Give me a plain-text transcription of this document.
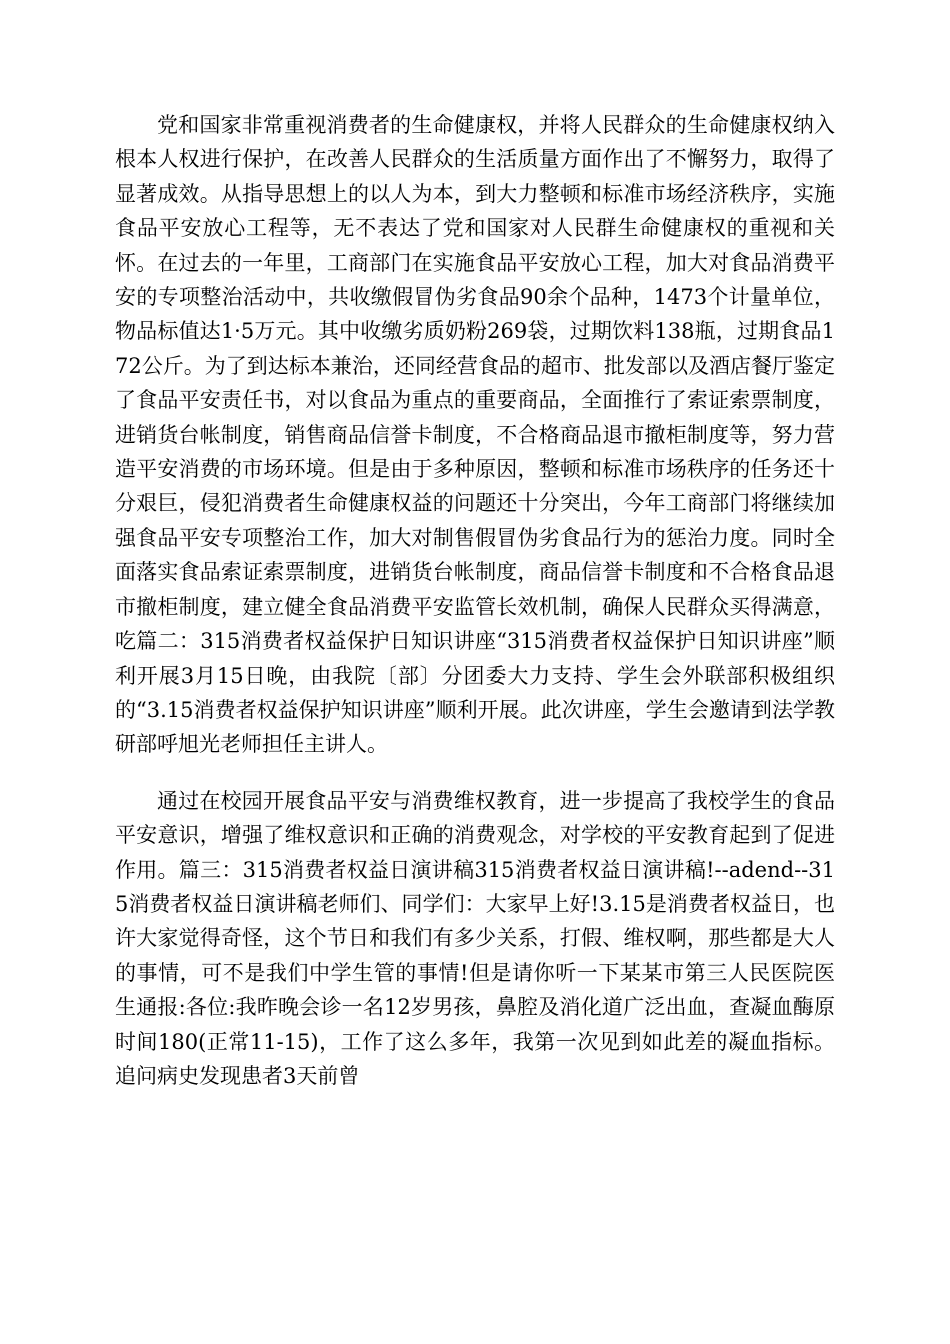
党和国家非常重视消费者的生命健康权，并将人民群众的生命健康权纳入根本人权进行保护，在改善人民群众的生活质量方面作出了不懈努力，取得了显著成效。从指导思想上的以人为本，到大力整顿和标准市场经济秩序，实施食品平安放心工程等，无不表达了党和国家对人民群生命健康权的重视和关怀。在过去的一年里，工商部门在实施食品平安放心工程，加大对食品消费平安的专项整治活动中，共收缴假冒伪劣食品90余个品种，1473个计量单位，物品标值达1·5万元。其中收缴劣质奶粉269袋，过期饮料138瓶，过期食品172公斤。为了到达标本兼治，还同经营食品的超市、批发部以及酒店餐厅鉴定了食品平安责任书，对以食品为重点的重要商品，全面推行了索证索票制度，进销货台帐制度，销售商品信誉卡制度，不合格商品退市撤柜制度等，努力营造平安消费的市场环境。但是由于多种原因，整顿和标准市场秩序的任务还十分艰巨，侵犯消费者生命健康权益的问题还十分突出，今年工商部门将继续加强食品平安专项整治工作，加大对制售假冒伪劣食品行为的惩治力度。同时全面落实食品索证索票制度，进销货台帐制度，商品信誉卡制度和不合格食品退市撤柜制度，建立健全食品消费平安监管长效机制，确保人民群众买得满意，吃篇二：315消费者权益保护日知识讲座“315消费者权益保护日知识讲座”顺利开展3月15日晚，由我院〔部〕分团委大力支持、学生会外联部积极组织的“3.15消费者权益保护知识讲座”顺利开展。此次讲座，学生会邀请到法学教研部呼旭光老师担任主讲人。

通过在校园开展食品平安与消费维权教育，进一步提高了我校学生的食品平安意识，增强了维权意识和正确的消费观念，对学校的平安教育起到了促进作用。篇三：315消费者权益日演讲稿315消费者权益日演讲稿!--adend--315消费者权益日演讲稿老师们、同学们：大家早上好!3.15是消费者权益日，也许大家觉得奇怪，这个节日和我们有多少关系，打假、维权啊，那些都是大人的事情，可不是我们中学生管的事情!但是请你听一下某某市第三人民医院医生通报:各位:我昨晚会诊一名12岁男孩，鼻腔及消化道广泛出血，查凝血酶原时间180(正常11-15)，工作了这么多年，我第一次见到如此差的凝血指标。追问病史发现患者3天前曾
